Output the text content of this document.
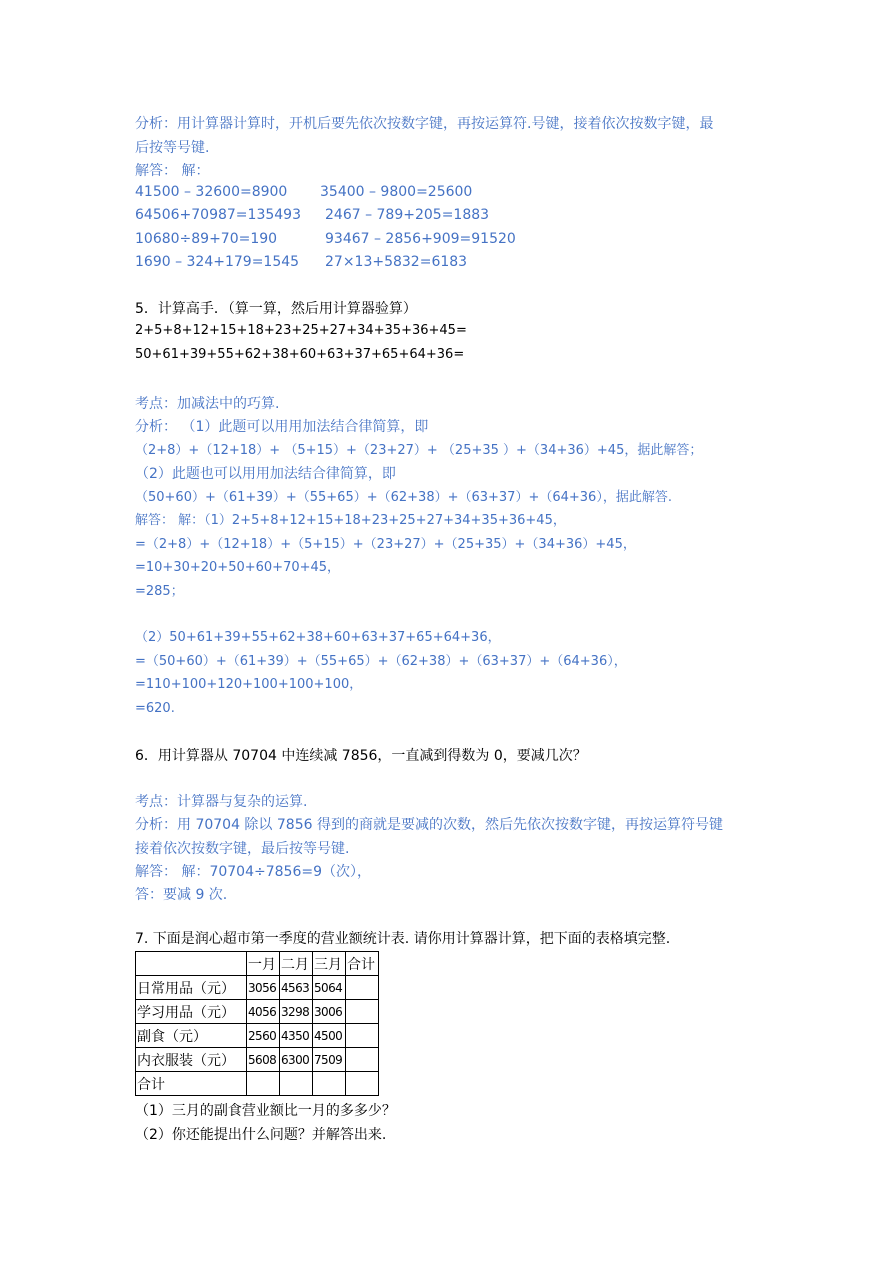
分析：用计算器计算时，开机后要先依次按数字键，再按运算符.号键，接着依次按数字键，最
后按等号键.
解答： 解：
41500 – 32600=8900 35400 – 9800=25600
64506+70987=135493 2467 – 789+205=1883
10680÷89+70=190	93467 – 2856+909=91520
1690 – 324+179=1545 27×13+5832=6183
5．计算高手．（算一算，然后用计算器验算）
2+5+8+12+15+18+23+25+27+34+35+36+45=
50+61+39+55+62+38+60+63+37+65+64+36=
考点：加减法中的巧算.
分析： （1）此题可以用用加法结合律简算，即
（2+8）+（12+18）+ （5+15）+（23+27）+ （25+35 ）+（34+36）+45，据此解答；
（2）此题也可以用用加法结合律简算，即
（50+60）+（61+39）+（55+65）+（62+38）+（63+37）+（64+36），据此解答.
解答： 解：（1）2+5+8+12+15+18+23+25+27+34+35+36+45，
=（2+8）+（12+18）+（5+15）+（23+27）+（25+35）+（34+36）+45，
=10+30+20+50+60+70+45，
=285；
（2）50+61+39+55+62+38+60+63+37+65+64+36，
=（50+60）+（61+39）+（55+65）+（62+38）+（63+37）+（64+36），
=110+100+120+100+100+100，
=620.
6．用计算器从 70704 中连续减 7856，一直减到得数为 0，要减几次？
考点：计算器与复杂的运算.
分析：用 70704 除以 7856 得到的商就是要减的次数，然后先依次按数字键，再按运算符号键
接着依次按数字键，最后按等号键.
解答： 解：70704÷7856=9（次），
答：要减 9 次.
7. 下面是润心超市第一季度的营业额统计表. 请你用计算器计算，把下面的表格填完整.
	一月	二月	三月	合计
日常用品（元）	3056	4563	5064	
学习用品（元）	4056	3298	3006	
副食（元）	2560	4350	4500	
内衣服装（元）	5608	6300	7509	
合计				
（1）三月的副食营业额比一月的多多少？
（2）你还能提出什么问题？并解答出来.
